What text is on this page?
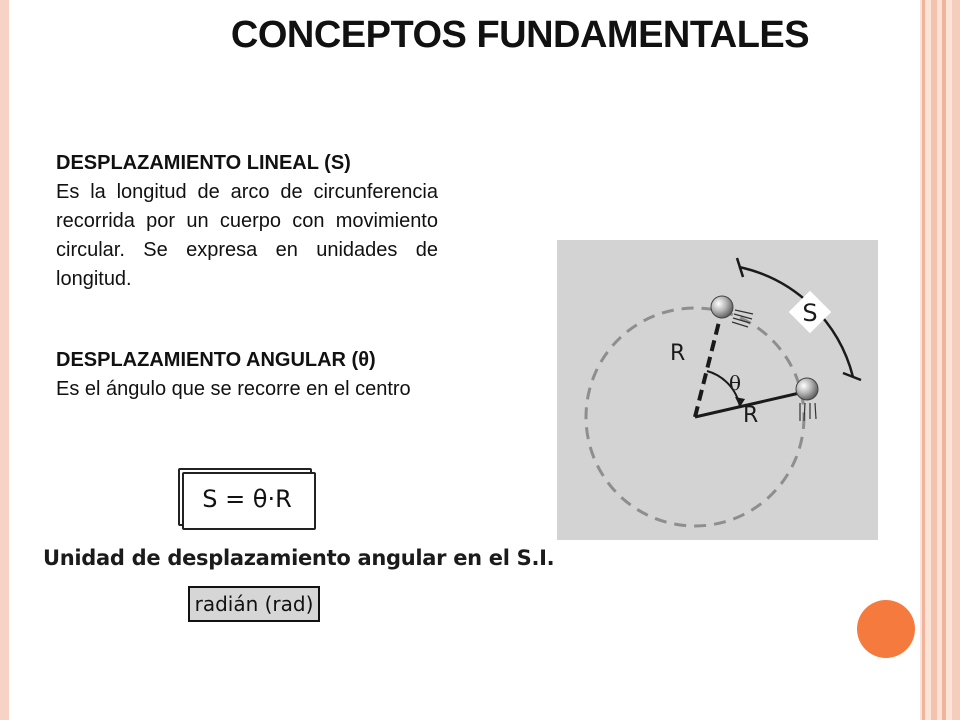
CONCEPTOS FUNDAMENTALES
DESPLAZAMIENTO LINEAL (S)

Es la longitud de arco de circunferencia recorrida por un cuerpo con movimiento circular. Se expresa en unidades de longitud.

DESPLAZAMIENTO ANGULAR (θ)

Es el ángulo que se recorre en el centro

S = θ·R
Unidad de desplazamiento angular en el S.I.
radián (rad)
S
R
R
θ
